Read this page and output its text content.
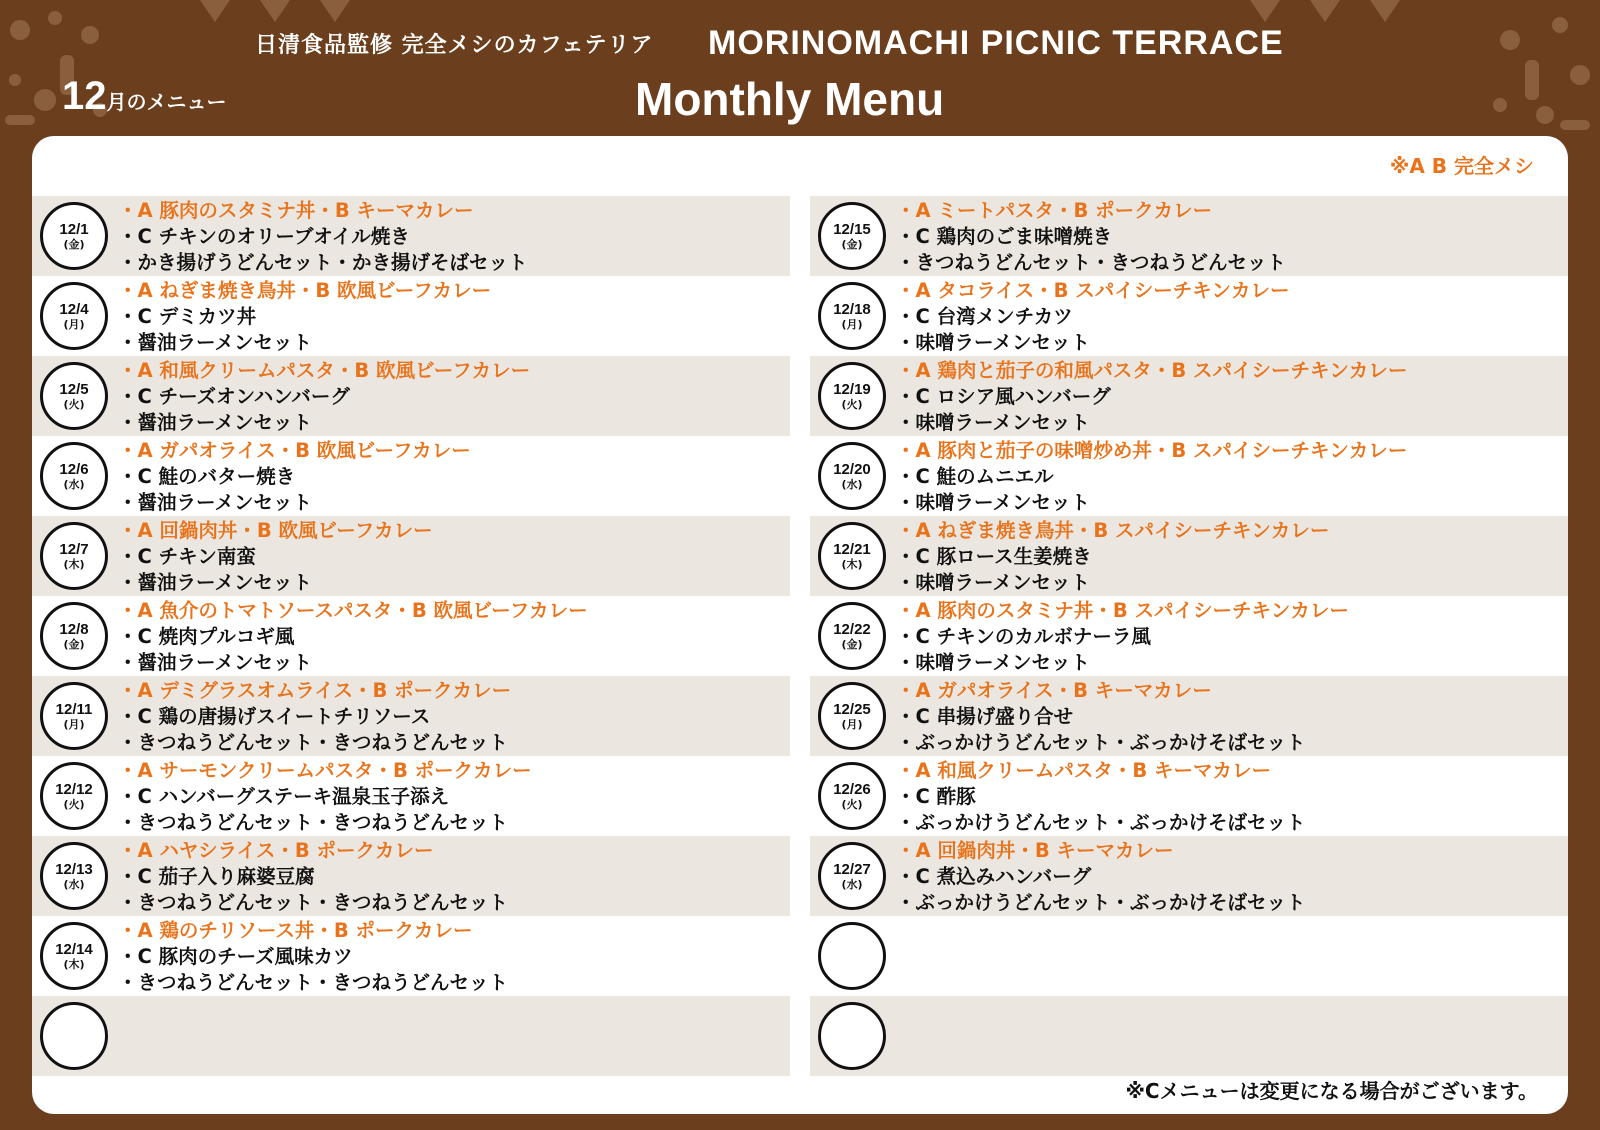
日清食品監修 完全メシのカフェテリア MORINOMACHI PICNIC TERRACE
Monthly Menu
12月のメニュー
※A B 完全メシ
12/1
(金)
・A 豚肉のスタミナ丼・B キーマカレー
・C チキンのオリーブオイル焼き
・かき揚げうどんセット・かき揚げそばセット
12/4
(月)
・A ねぎま焼き鳥丼・B 欧風ビーフカレー
・C デミカツ丼
・醤油ラーメンセット
12/5
(火)
・A 和風クリームパスタ・B 欧風ビーフカレー
・C チーズオンハンバーグ
・醤油ラーメンセット
12/6
(水)
・A ガパオライス・B 欧風ビーフカレー
・C 鮭のバター焼き
・醤油ラーメンセット
12/7
(木)
・A 回鍋肉丼・B 欧風ビーフカレー
・C チキン南蛮
・醤油ラーメンセット
12/8
(金)
・A 魚介のトマトソースパスタ・B 欧風ビーフカレー
・C 焼肉プルコギ風
・醤油ラーメンセット
12/11
(月)
・A デミグラスオムライス・B ポークカレー
・C 鶏の唐揚げスイートチリソース
・きつねうどんセット・きつねうどんセット
12/12
(火)
・A サーモンクリームパスタ・B ポークカレー
・C ハンバーグステーキ温泉玉子添え
・きつねうどんセット・きつねうどんセット
12/13
(水)
・A ハヤシライス・B ポークカレー
・C 茄子入り麻婆豆腐
・きつねうどんセット・きつねうどんセット
12/14
(木)
・A 鶏のチリソース丼・B ポークカレー
・C 豚肉のチーズ風味カツ
・きつねうどんセット・きつねうどんセット
12/15
(金)
・A ミートパスタ・B ポークカレー
・C 鶏肉のごま味噌焼き
・きつねうどんセット・きつねうどんセット
12/18
(月)
・A タコライス・B スパイシーチキンカレー
・C 台湾メンチカツ
・味噌ラーメンセット
12/19
(火)
・A 鶏肉と茄子の和風パスタ・B スパイシーチキンカレー
・C ロシア風ハンバーグ
・味噌ラーメンセット
12/20
(水)
・A 豚肉と茄子の味噌炒め丼・B スパイシーチキンカレー
・C 鮭のムニエル
・味噌ラーメンセット
12/21
(木)
・A ねぎま焼き鳥丼・B スパイシーチキンカレー
・C 豚ロース生姜焼き
・味噌ラーメンセット
12/22
(金)
・A 豚肉のスタミナ丼・B スパイシーチキンカレー
・C チキンのカルボナーラ風
・味噌ラーメンセット
12/25
(月)
・A ガパオライス・B キーマカレー
・C 串揚げ盛り合せ
・ぶっかけうどんセット・ぶっかけそばセット
12/26
(火)
・A 和風クリームパスタ・B キーマカレー
・C 酢豚
・ぶっかけうどんセット・ぶっかけそばセット
12/27
(水)
・A 回鍋肉丼・B キーマカレー
・C 煮込みハンバーグ
・ぶっかけうどんセット・ぶっかけそばセット
※Cメニューは変更になる場合がございます。
